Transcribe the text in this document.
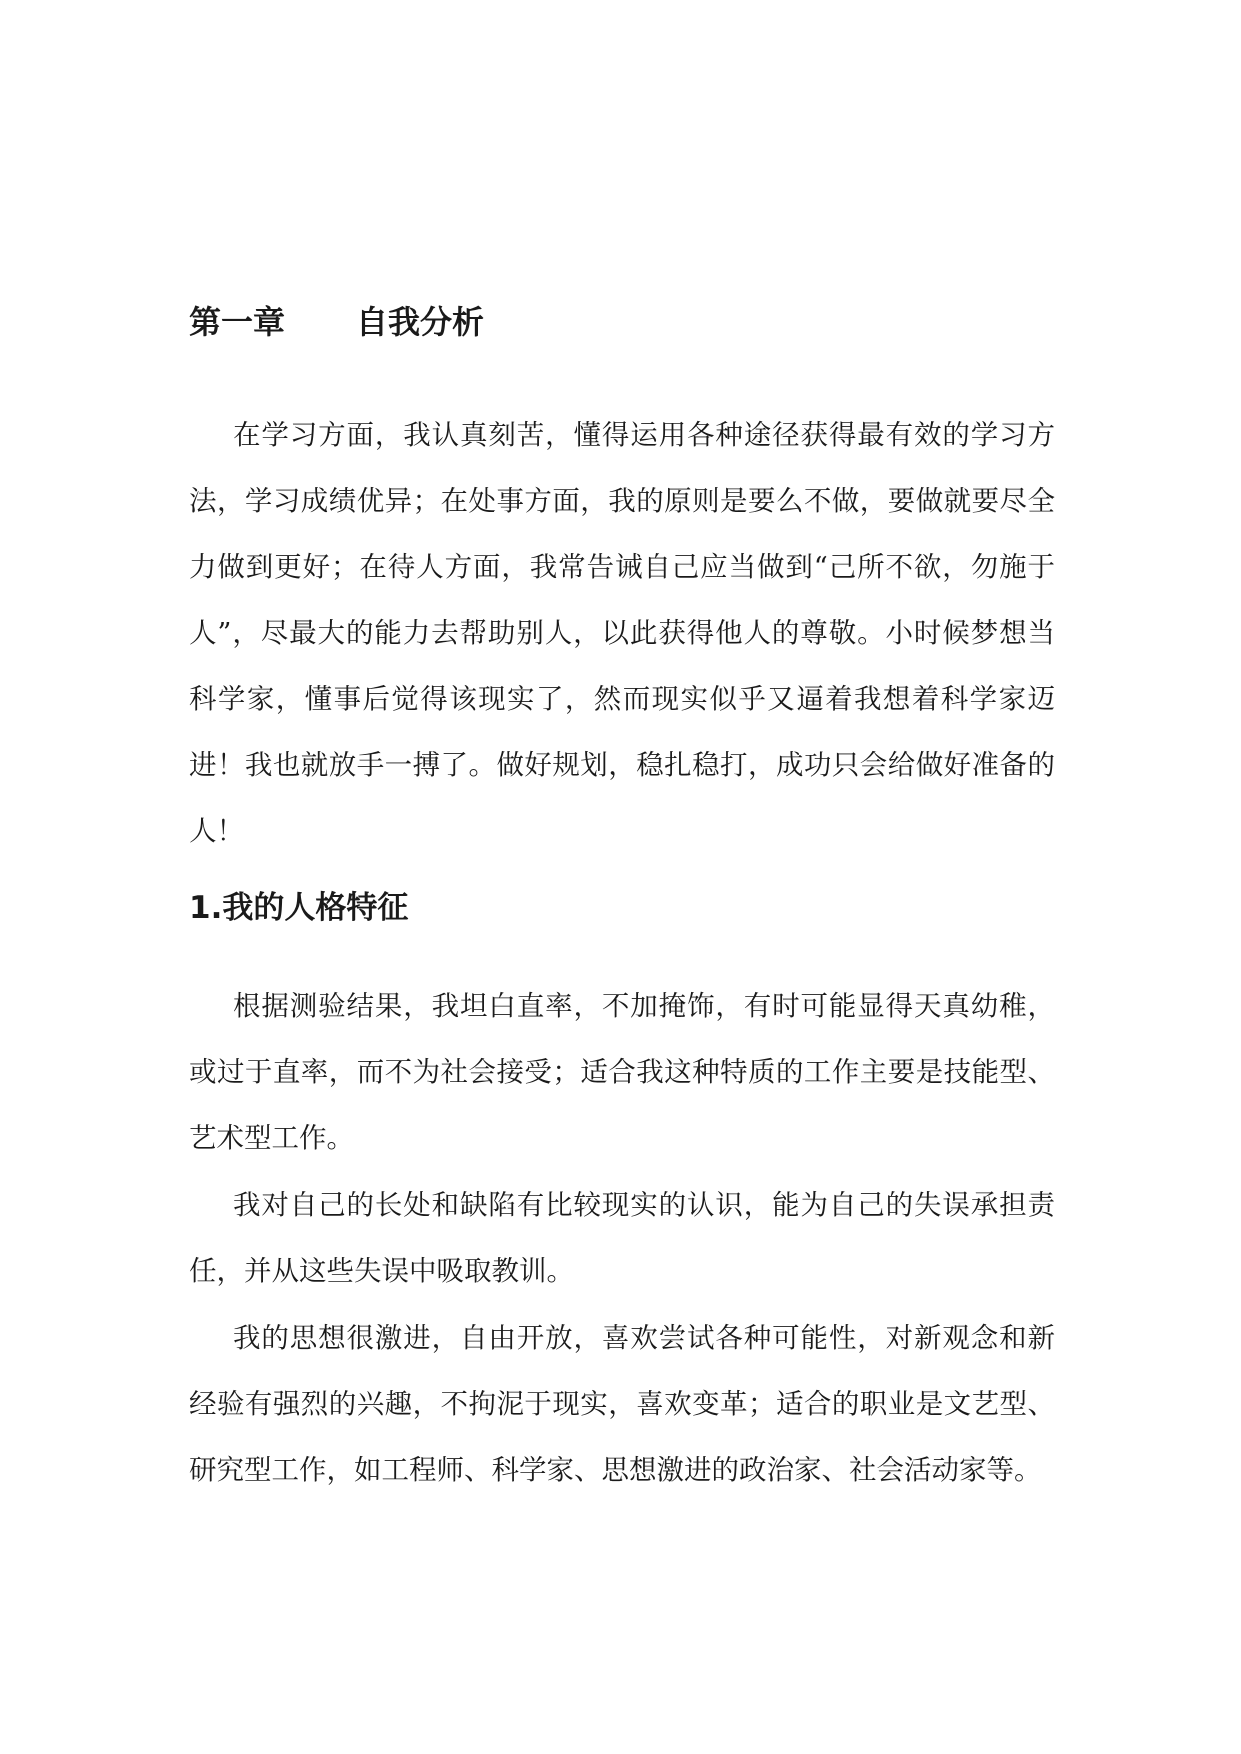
第一章 自我分析

在学习方面，我认真刻苦，懂得运用各种途径获得最有效的学习方法，学习成绩优异；在处事方面，我的原则是要么不做，要做就要尽全力做到更好；在待人方面，我常告诫自己应当做到“己所不欲，勿施于人”，尽最大的能力去帮助别人，以此获得他人的尊敬。小时候梦想当科学家，懂事后觉得该现实了，然而现实似乎又逼着我想着科学家迈进！我也就放手一搏了。做好规划，稳扎稳打，成功只会给做好准备的人！

1.我的人格特征

根据测验结果，我坦白直率，不加掩饰，有时可能显得天真幼稚，或过于直率，而不为社会接受；适合我这种特质的工作主要是技能型、艺术型工作。

我对自己的长处和缺陷有比较现实的认识，能为自己的失误承担责任，并从这些失误中吸取教训。

我的思想很激进，自由开放，喜欢尝试各种可能性，对新观念和新经验有强烈的兴趣，不拘泥于现实，喜欢变革；适合的职业是文艺型、研究型工作，如工程师、科学家、思想激进的政治家、社会活动家等。
